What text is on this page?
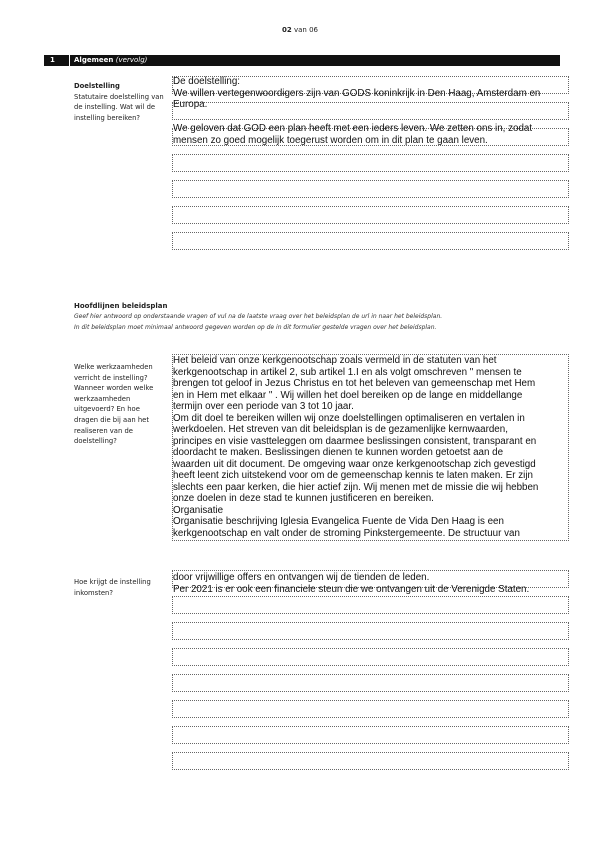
02 van 06
1	Algemeen (vervolg)
Doelstelling
Statutaire doelstelling van de instelling. Wat wil de instelling bereiken?
De doelstelling:
We willen vertegenwoordigers zijn van GODS koninkrijk in Den Haag, Amsterdam en
Europa.
We geloven dat GOD een plan heeft met een ieders leven. We zetten ons in, zodat
mensen zo goed mogelijk toegerust worden om in dit plan te gaan leven.
Hoofdlijnen beleidsplan
Geef hier antwoord op onderstaande vragen of vul na de laatste vraag over het beleidsplan de url in naar het beleidsplan.
In dit beleidsplan moet minimaal antwoord gegeven worden op de in dit formulier gestelde vragen over het beleidsplan.
Welke werkzaamheden verricht de instelling? Wanneer worden welke werkzaamheden uitgevoerd? En hoe dragen die bij aan het realiseren van de doelstelling?
Het beleid van onze kerkgenootschap zoals vermeld in de statuten van het
kerkgenootschap in artikel 2, sub artikel 1.I en als volgt omschreven " mensen te
brengen tot geloof in Jezus Christus en tot het beleven van gemeenschap met Hem
en in Hem met elkaar " . Wij willen het doel bereiken op de lange en middellange
termijn over een periode van 3 tot 10 jaar.
Om dit doel te bereiken willen wij onze doelstellingen optimaliseren en vertalen in
werkdoelen. Het streven van dit beleidsplan is de gezamenlijke kernwaarden,
principes en visie vastteleggen om daarmee beslissingen consistent, transparant en
doordacht te maken. Beslissingen dienen te kunnen worden getoetst aan de
waarden uit dit document. De omgeving waar onze kerkgenootschap zich gevestigd
heeft leent zich uitstekend voor om de gemeenschap kennis te laten maken. Er zijn
slechts een paar kerken, die hier actief zijn. Wij menen met de missie die wij hebben
onze doelen in deze stad te kunnen justificeren en bereiken.
Organisatie
Organisatie beschrijving Iglesia Evangelica Fuente de Vida Den Haag is een
kerkgenootschap en valt onder de stroming Pinkstergemeente. De structuur van
Hoe krijgt de instelling inkomsten?
door vrijwillige offers en ontvangen wij de tienden de leden.
Per 2021 is er ook een financiele steun die we ontvangen uit de Verenigde Staten.
